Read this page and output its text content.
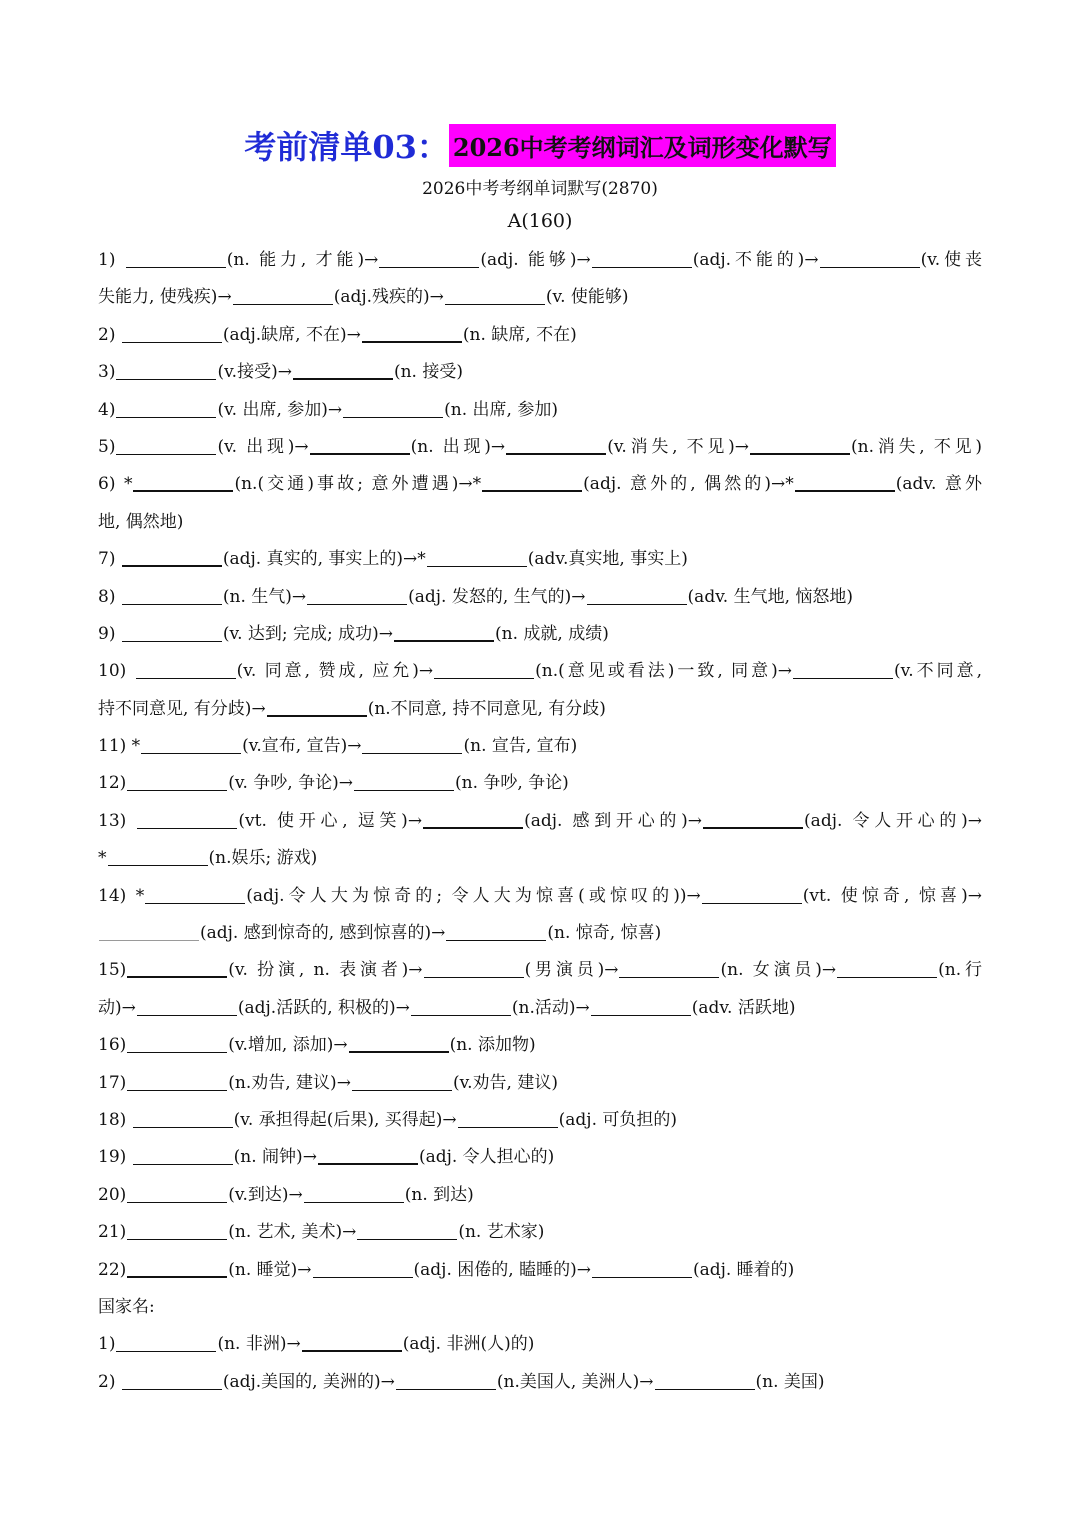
考前清单03： 2026中考考纲词汇及词形变化默写
2026中考考纲单词默写(2870)
A(160)
1)	(n. 能力, 才能)→	(adj. 能够)→	(adj.不能的)→	(v.使丧
失能力, 使残疾)→	(adj.残疾的)→	(v. 使能够)
2)	(adj.缺席, 不在)→	(n. 缺席, 不在)
3)	(v.接受)→	(n. 接受)
4)	(v. 出席, 参加)→	(n. 出席, 参加)
5)	(v. 出现)→	(n. 出现)→	(v.消失, 不见)→	(n.消失, 不见)
6) *	(n.(交通)事故; 意外遭遇)→*	(adj. 意外的, 偶然的)→*	(adv. 意外
地, 偶然地)
7)	(adj. 真实的, 事实上的)→*	(adv.真实地, 事实上)
8)	(n. 生气)→	(adj. 发怒的, 生气的)→	(adv. 生气地, 恼怒地)
9)	(v. 达到; 完成; 成功)→	(n. 成就, 成绩)
10)	(v. 同意, 赞成, 应允)→	(n.(意见或看法)一致, 同意)→	(v.不同意,
持不同意见, 有分歧)→	(n.不同意, 持不同意见, 有分歧)
11) *	(v.宣布, 宣告)→	(n. 宣告, 宣布)
12)	(v. 争吵, 争论)→	(n. 争吵, 争论)
13)	(vt. 使开心, 逗笑)→	(adj. 感到开心的)→	(adj. 令人开心的)→
*	(n.娱乐; 游戏)
14) *	(adj.令人大为惊奇的; 令人大为惊喜(或惊叹的))→	(vt. 使惊奇, 惊喜)→
(adj. 感到惊奇的, 感到惊喜的)→	(n. 惊奇, 惊喜)
15)	(v. 扮演, n. 表演者)→	(男演员)→	(n. 女演员)→	(n.行
动)→	(adj.活跃的, 积极的)→	(n.活动)→	(adv. 活跃地)
16)	(v.增加, 添加)→	(n. 添加物)
17)	(n.劝告, 建议)→	(v.劝告, 建议)
18)	(v. 承担得起(后果), 买得起)→	(adj. 可负担的)
19)	(n. 闹钟)→	(adj. 令人担心的)
20)	(v.到达)→	(n. 到达)
21)	(n. 艺术, 美术)→	(n. 艺术家)
22)	(n. 睡觉)→	(adj. 困倦的, 瞌睡的)→	(adj. 睡着的)
国家名:
1)	(n. 非洲)→	(adj. 非洲(人)的)
2)	(adj.美国的, 美洲的)→	(n.美国人, 美洲人)→	(n. 美国)
